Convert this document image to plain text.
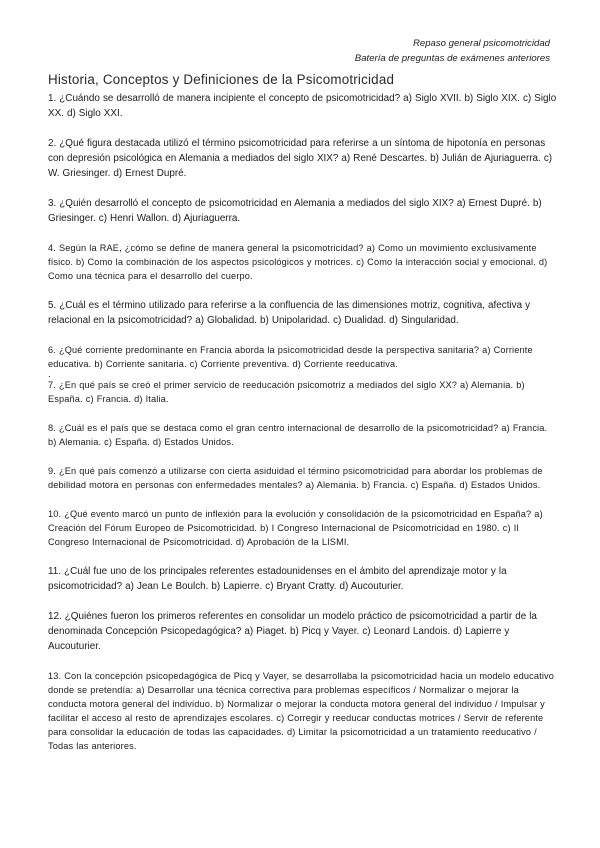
Repaso general psicomotricidad
Batería de preguntas de exámenes anteriores
Historia, Conceptos y Definiciones de la Psicomotricidad

1. ¿Cuándo se desarrolló de manera incipiente el concepto de psicomotricidad? a) Siglo XVII. b) Siglo XIX. c) Siglo XX. d) Siglo XXI.

2. ¿Qué figura destacada utilizó el término psicomotricidad para referirse a un síntoma de hipotonía en personas con depresión psicológica en Alemania a mediados del siglo XIX? a) René Descartes. b) Julián de Ajuriaguerra. c) W. Griesinger. d) Ernest Dupré.

3. ¿Quién desarrolló el concepto de psicomotricidad en Alemania a mediados del siglo XIX? a) Ernest Dupré. b) Griesinger. c) Henri Wallon. d) Ajuriaguerra.

4. Según la RAE, ¿cómo se define de manera general la psicomotricidad? a) Como un movimiento exclusivamente físico. b) Como la combinación de los aspectos psicológicos y motrices. c) Como la interacción social y emocional. d) Como una técnica para el desarrollo del cuerpo.

5. ¿Cuál es el término utilizado para referirse a la confluencia de las dimensiones motriz, cognitiva, afectiva y relacional en la psicomotricidad? a) Globalidad. b) Unipolaridad. c) Dualidad. d) Singularidad.

6. ¿Qué corriente predominante en Francia aborda la psicomotricidad desde la perspectiva sanitaria? a) Corriente educativa. b) Corriente sanitaria. c) Corriente preventiva. d) Corriente reeducativa.

.

7. ¿En qué país se creó el primer servicio de reeducación psicomotriz a mediados del siglo XX? a) Alemania. b) España. c) Francia. d) Italia.

8. ¿Cuál es el país que se destaca como el gran centro internacional de desarrollo de la psicomotricidad? a) Francia. b) Alemania. c) España. d) Estados Unidos.

9. ¿En qué país comenzó a utilizarse con cierta asiduidad el término psicomotricidad para abordar los problemas de debilidad motora en personas con enfermedades mentales? a) Alemania. b) Francia. c) España. d) Estados Unidos.

10. ¿Qué evento marcó un punto de inflexión para la evolución y consolidación de la psicomotricidad en España? a) Creación del Fórum Europeo de Psicomotricidad. b) I Congreso Internacional de Psicomotricidad en 1980. c) II Congreso Internacional de Psicomotricidad. d) Aprobación de la LISMI.

11. ¿Cuál fue uno de los principales referentes estadounidenses en el ámbito del aprendizaje motor y la psicomotricidad? a) Jean Le Boulch. b) Lapierre. c) Bryant Cratty. d) Aucouturier.

12. ¿Quiénes fueron los primeros referentes en consolidar un modelo práctico de psicomotricidad a partir de la denominada Concepción Psicopedagógica? a) Piaget. b) Picq y Vayer. c) Leonard Landois. d) Lapierre y Aucouturier.

13. Con la concepción psicopedagógica de Picq y Vayer, se desarrollaba la psicomotricidad hacia un modelo educativo donde se pretendía: a) Desarrollar una técnica correctiva para problemas específicos / Normalizar o mejorar la conducta motora general del individuo. b) Normalizar o mejorar la conducta motora general del individuo / Impulsar y facilitar el acceso al resto de aprendizajes escolares. c) Corregir y reeducar conductas motrices / Servir de referente para consolidar la educación de todas las capacidades. d) Limitar la psicomotricidad a un tratamiento reeducativo / Todas las anteriores.
